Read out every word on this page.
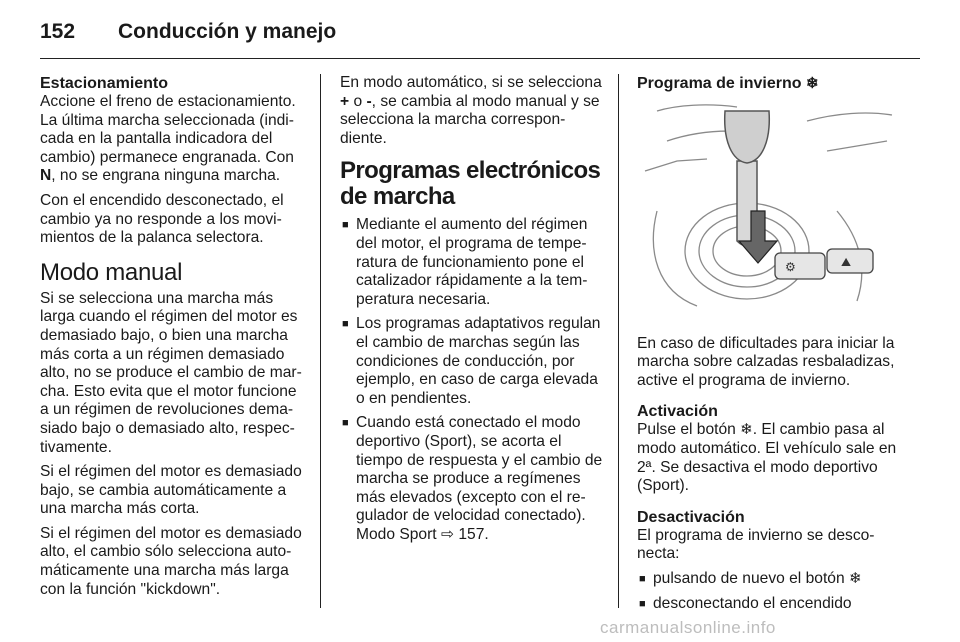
152 Conducción y manejo
Estacionamiento

Accione el freno de estacionamiento. La última marcha seleccionada (indi-cada en la pantalla indicadora del cambio) permanece engranada. Con N, no se engrana ninguna marcha.

Con el encendido desconectado, el cambio ya no responde a los movi-mientos de la palanca selectora.

Modo manual

Si se selecciona una marcha más larga cuando el régimen del motor es demasiado bajo, o bien una marcha más corta a un régimen demasiado alto, no se produce el cambio de mar-cha. Esto evita que el motor funcione a un régimen de revoluciones dema-siado bajo o demasiado alto, respec-tivamente.

Si el régimen del motor es demasiado bajo, se cambia automáticamente a una marcha más corta.

Si el régimen del motor es demasiado alto, el cambio sólo selecciona auto-máticamente una marcha más larga con la función "kickdown".

En modo automático, si se selecciona + o -, se cambia al modo manual y se selecciona la marcha correspon-diente.

Programas electrónicos de marcha
■ Mediante el aumento del régimen del motor, el programa de tempe-ratura de funcionamiento pone el catalizador rápidamente a la tem-peratura necesaria.
■ Los programas adaptativos regulan el cambio de marchas según las condiciones de conducción, por ejemplo, en caso de carga elevada o en pendientes.
■ Cuando está conectado el modo deportivo (Sport), se acorta el tiempo de respuesta y el cambio de marcha se produce a regímenes más elevados (excepto con el re-gulador de velocidad conectado). Modo Sport ⇨ 157.
Programa de invierno ❄
⚙	⛰

En caso de dificultades para iniciar la marcha sobre calzadas resbaladizas, active el programa de invierno.

Activación

Pulse el botón ❄. El cambio pasa al modo automático. El vehículo sale en 2ª. Se desactiva el modo deportivo (Sport).

Desactivación

El programa de invierno se desco-necta:

■ pulsando de nuevo el botón ❄
■ desconectando el encendido
carmanualsonline.info
